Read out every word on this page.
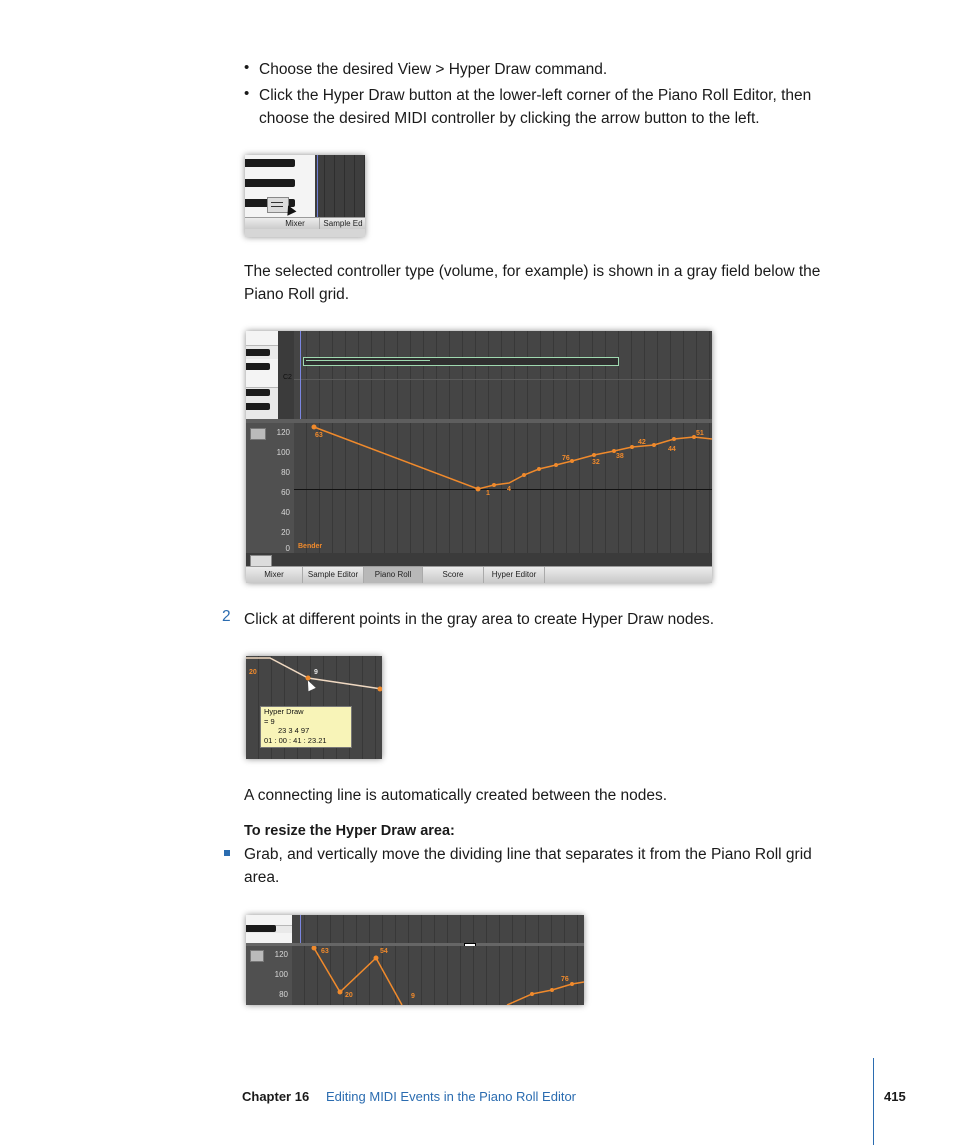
• Choose the desired View > Hyper Draw command.
• Click the Hyper Draw button at the lower-left corner of the Piano Roll Editor, then
choose the desired MIDI controller by clicking the arrow button to the left.
Mixer	Sample Ed
The selected controller type (volume, for example) is shown in a gray field below the
Piano Roll grid.
C2
120
100
80
60
40
20
0
63
1
4
76
32
38
42
44
51
Bender
Mixer	Sample Editor	Piano Roll	Score	Hyper Editor
2 Click at different points in the gray area to create Hyper Draw nodes.
20	9
Hyper Draw
= 9
23 3 4 97
01 : 00 : 41 : 23.21
A connecting line is automatically created between the nodes.
To resize the Hyper Draw area:
Grab, and vertically move the dividing line that separates it from the Piano Roll grid
area.
120
100
80
63	54
20	9
76
Chapter 16 Editing MIDI Events in the Piano Roll Editor	415
